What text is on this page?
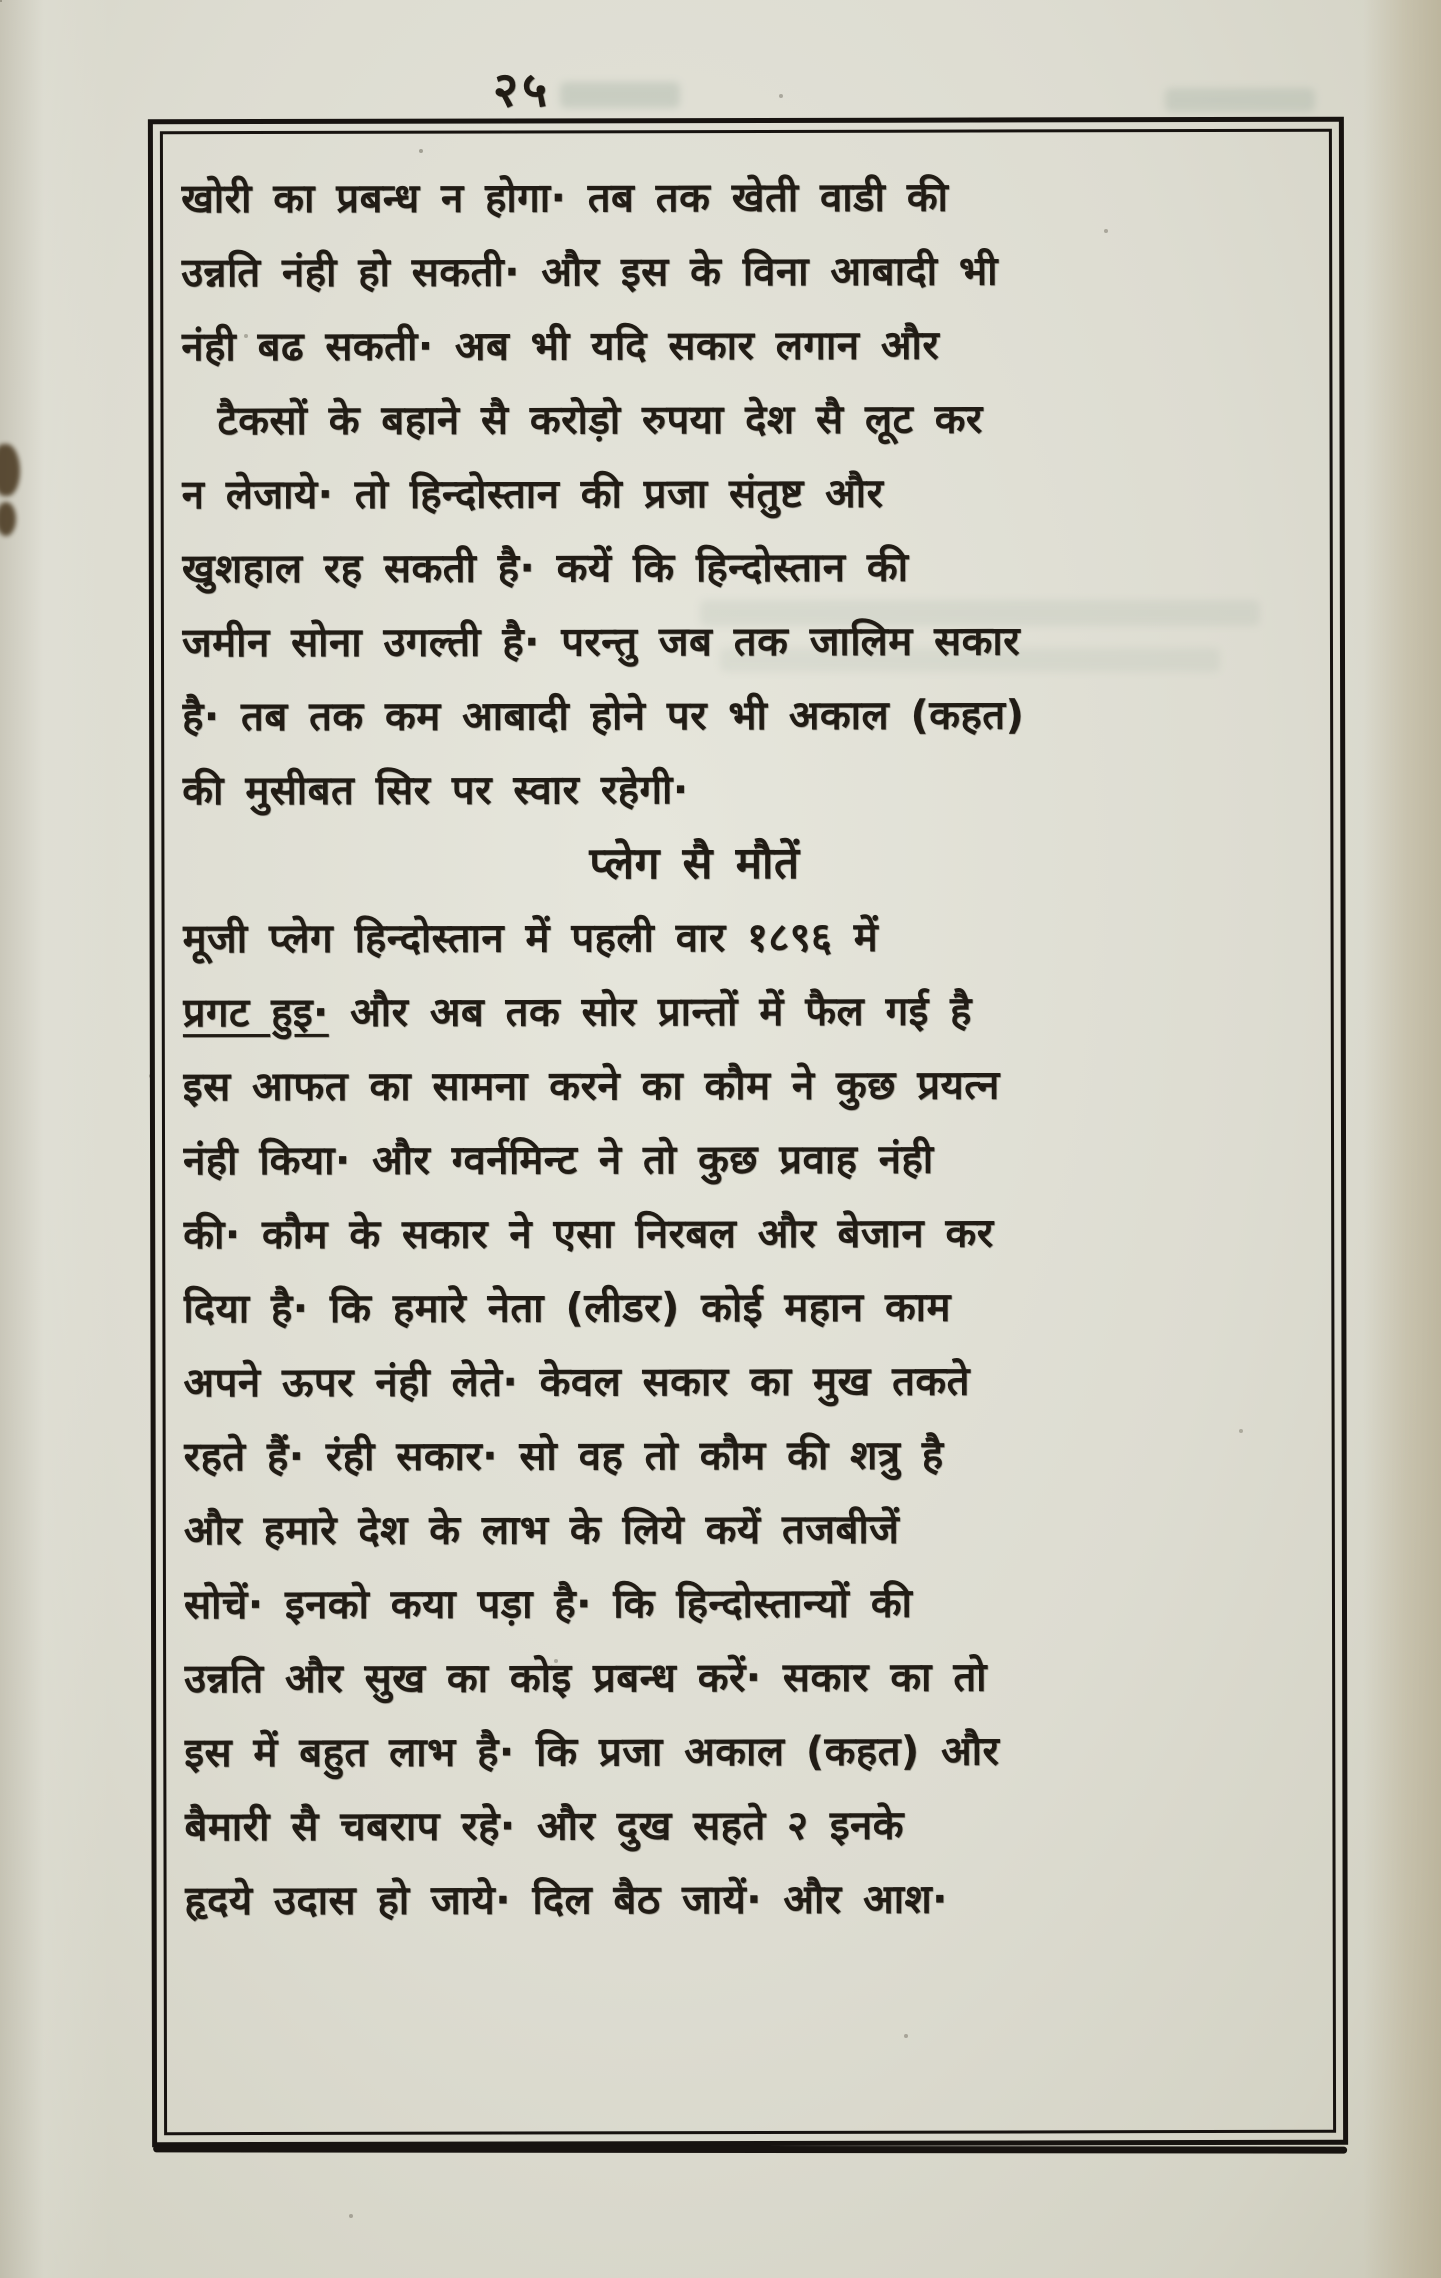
२५
खोरी का प्रबन्ध न होगा· तब तक खेती वाडी की
उन्नति नंही हो सकती· और इस के विना आबादी भी
नंही बढ सकती· अब भी यदि सकार लगान और
टैकसों के बहाने सै करोड़ो रुपया देश सै लूट कर
न लेजाये· तो हिन्दोस्तान की प्रजा संतुष्ट और
खुशहाल रह सकती है· कयें कि हिन्दोस्तान की
जमीन सोना उगल्ती है· परन्तु जब तक जालिम सकार
है· तब तक कम आबादी होने पर भी अकाल (कहत)
की मुसीबत सिर पर स्वार रहेगी·
प्लेग सै मौतें
मूजी प्लेग हिन्दोस्तान में पहली वार १८९६ में
प्रगट हुइ· और अब तक सोर प्रान्तों में फैल गई है
इस आफत का सामना करने का कौम ने कुछ प्रयत्न
नंही किया· और ग्वर्नमिन्ट ने तो कुछ प्रवाह नंही
की· कौम के सकार ने एसा निरबल और बेजान कर
दिया है· कि हमारे नेता (लीडर) कोई महान काम
अपने ऊपर नंही लेते· केवल सकार का मुख तकते
रहते हैं· रंही सकार· सो वह तो कौम की शत्रु है
और हमारे देश के लाभ के लिये कयें तजबीजें
सोचें· इनको कया पड़ा है· कि हिन्दोस्तान्यों की
उन्नति और सुख का कोइ प्रबन्ध करें· सकार का तो
इस में बहुत लाभ है· कि प्रजा अकाल (कहत) और
बैमारी सै चबराप रहे· और दुख सहते २ इनके
हृदये उदास हो जाये· दिल बैठ जायें· और आश·
